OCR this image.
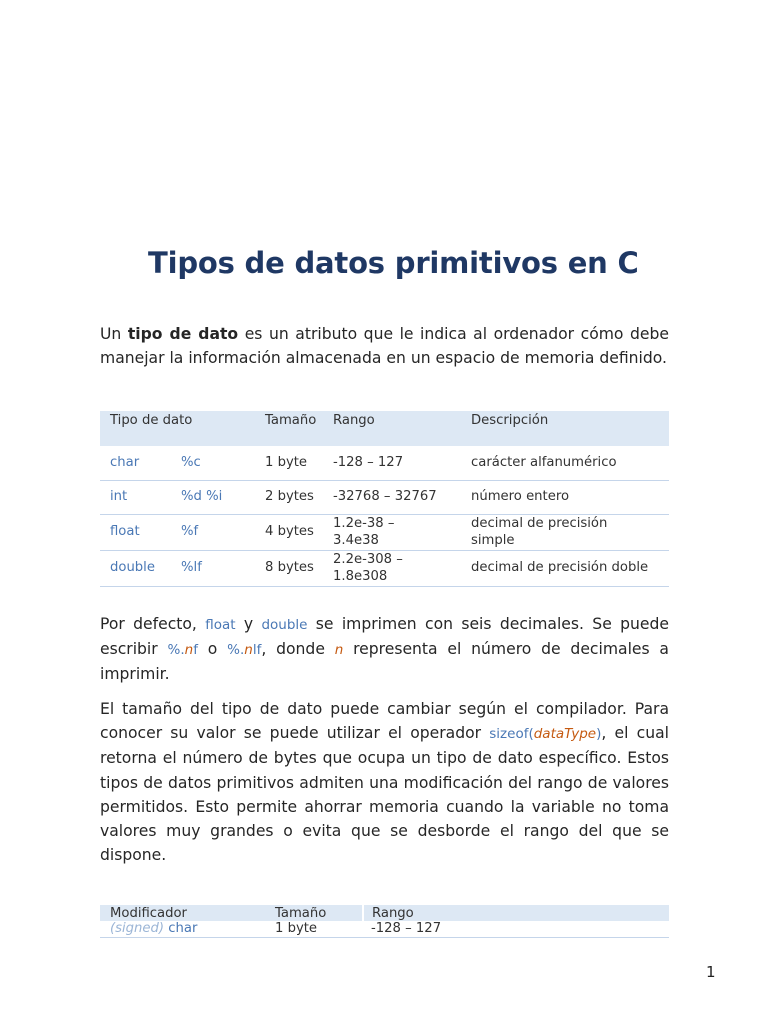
Tipos de datos primitivos en C

Un tipo de dato es un atributo que le indica al ordenador cómo debe manejar la información almacenada en un espacio de memoria definido.

Tipo de dato		Tamaño	Rango	Descripción
char	%c	1 byte	-128 – 127	carácter alfanumérico
int	%d %i	2 bytes	-32768 – 32767	número entero
float	%f	4 bytes	1.2e-38 – 3.4e38	decimal de precisión simple
double	%lf	8 bytes	2.2e-308 – 1.8e308	decimal de precisión doble

Por defecto, float y double se imprimen con seis decimales. Se puede escribir %.nf o %.nlf, donde n representa el número de decimales a imprimir.

El tamaño del tipo de dato puede cambiar según el compilador. Para conocer su valor se puede utilizar el operador sizeof(dataType), el cual retorna el número de bytes que ocupa un tipo de dato específico. Estos tipos de datos primitivos admiten una modificación del rango de valores permitidos. Esto permite ahorrar memoria cuando la variable no toma valores muy grandes o evita que se desborde el rango del que se dispone.

Modificador	Tamaño	Rango
(signed) char	1 byte	-128 – 127
1
